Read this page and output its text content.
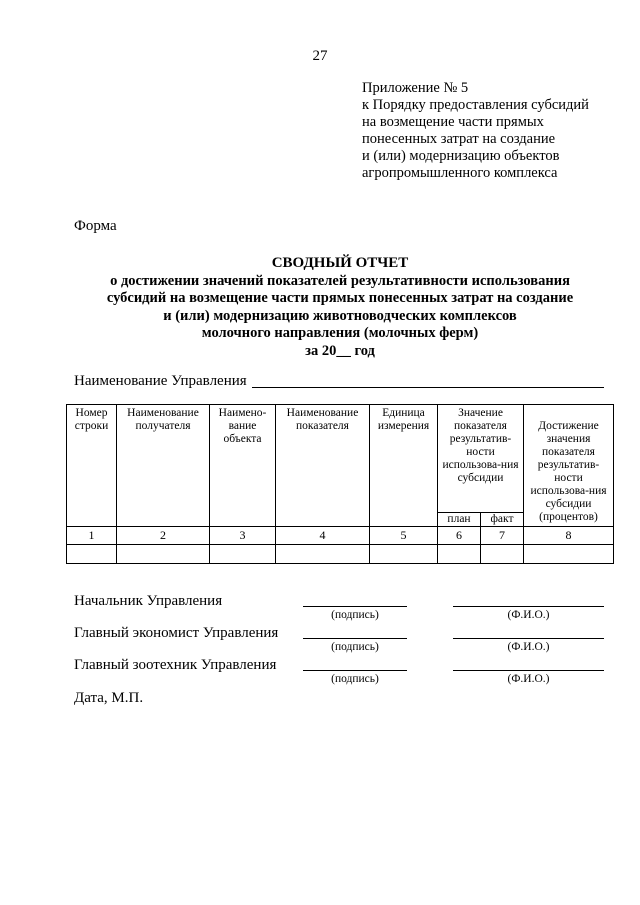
27
Приложение № 5
к Порядку предоставления субсидий
на возмещение части прямых
понесенных затрат на создание
и (или) модернизацию объектов
агропромышленного комплекса
Форма
СВОДНЫЙ ОТЧЕТ
о достижении значений показателей результативности использования
субсидий на возмещение части прямых понесенных затрат на создание
и (или) модернизацию животноводческих комплексов
молочного направления (молочных ферм)
за 20__ год
Наименование Управления
Номер строки	Наименование получателя	Наимено-вание объекта	Наименование показателя	Единица измерения	Значение показателя результатив-ности использова-ния субсидии		Достижение значения показателя результатив-ности использова-ния субсидии (процентов)
					план	факт	
1	2	3	4	5	6	7	8

Начальник Управления
(подпись)	(Ф.И.О.)
Главный экономист Управления
(подпись)	(Ф.И.О.)
Главный зоотехник Управления
(подпись)	(Ф.И.О.)
Дата, М.П.
